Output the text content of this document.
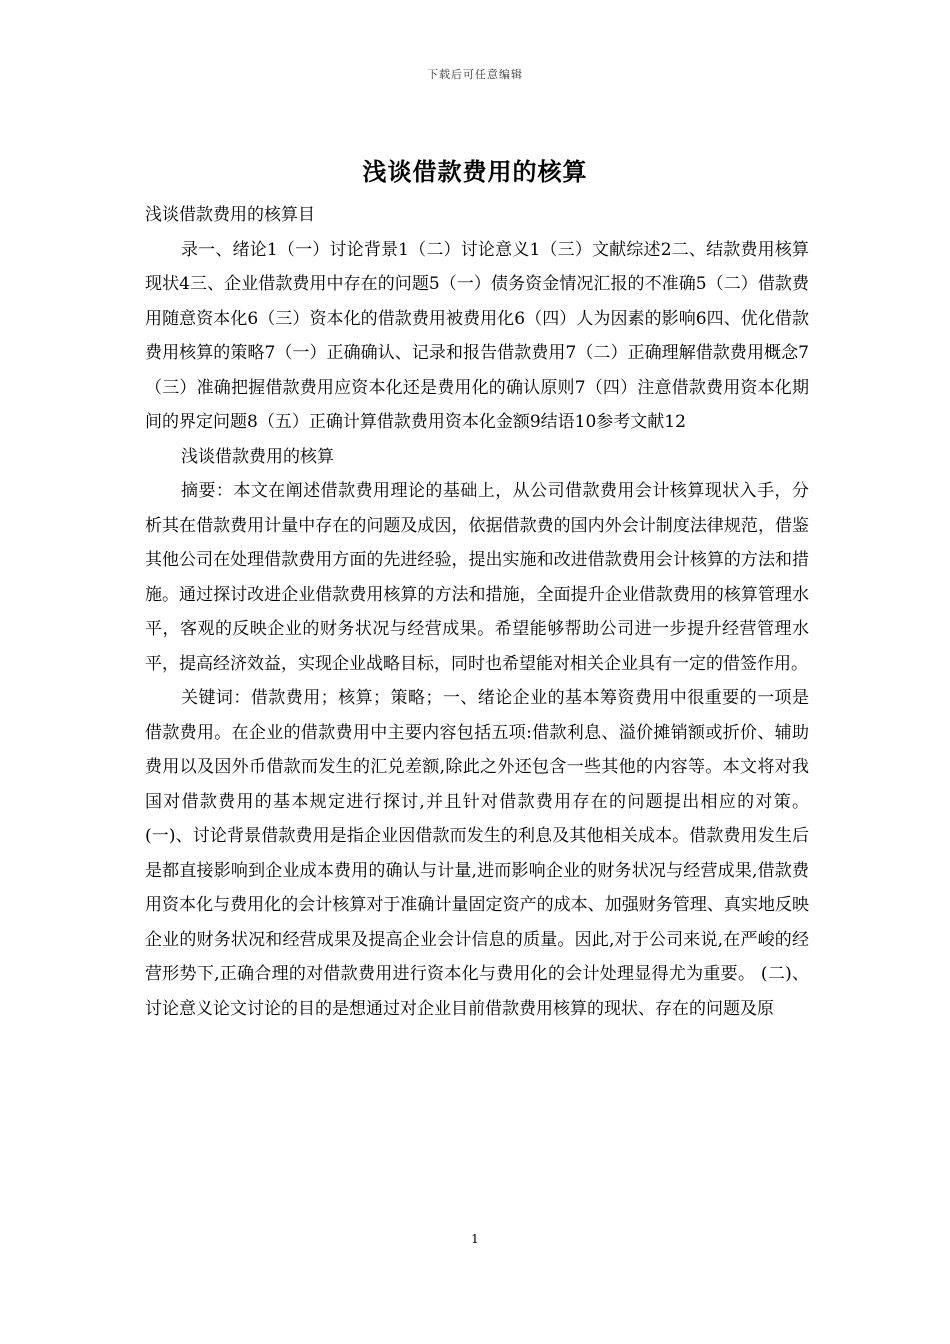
下载后可任意编辑
浅谈借款费用的核算

浅谈借款费用的核算目

录一、绪论1（一）讨论背景1（二）讨论意义1（三）文献综述2二、结款费用核算现状4三、企业借款费用中存在的问题5（一）债务资金情况汇报的不准确5（二）借款费用随意资本化6（三）资本化的借款费用被费用化6（四）人为因素的影响6四、优化借款费用核算的策略7（一）正确确认、记录和报告借款费用7（二）正确理解借款费用概念7（三）准确把握借款费用应资本化还是费用化的确认原则7（四）注意借款费用资本化期间的界定问题8（五）正确计算借款费用资本化金额9结语10参考文献12

浅谈借款费用的核算

摘要：本文在阐述借款费用理论的基础上，从公司借款费用会计核算现状入手，分析其在借款费用计量中存在的问题及成因，依据借款费的国内外会计制度法律规范，借鉴其他公司在处理借款费用方面的先进经验，提出实施和改进借款费用会计核算的方法和措施。通过探讨改进企业借款费用核算的方法和措施，全面提升企业借款费用的核算管理水平，客观的反映企业的财务状况与经营成果。希望能够帮助公司进一步提升经营管理水平，提高经济效益，实现企业战略目标，同时也希望能对相关企业具有一定的借签作用。

关键词：借款费用；核算；策略；一、绪论企业的基本筹资费用中很重要的一项是借款费用。在企业的借款费用中主要内容包括五项:借款利息、溢价摊销额或折价、辅助费用以及因外币借款而发生的汇兑差额,除此之外还包含一些其他的内容等。本文将对我国对借款费用的基本规定进行探讨,并且针对借款费用存在的问题提出相应的对策。(一)、讨论背景借款费用是指企业因借款而发生的利息及其他相关成本。借款费用发生后是都直接影响到企业成本费用的确认与计量,进而影响企业的财务状况与经营成果,借款费用资本化与费用化的会计核算对于准确计量固定资产的成本、加强财务管理、真实地反映企业的财务状况和经营成果及提高企业会计信息的质量。因此,对于公司来说,在严峻的经营形势下,正确合理的对借款费用进行资本化与费用化的会计处理显得尤为重要。 (二)、讨论意义论文讨论的目的是想通过对企业目前借款费用核算的现状、存在的问题及原

1
